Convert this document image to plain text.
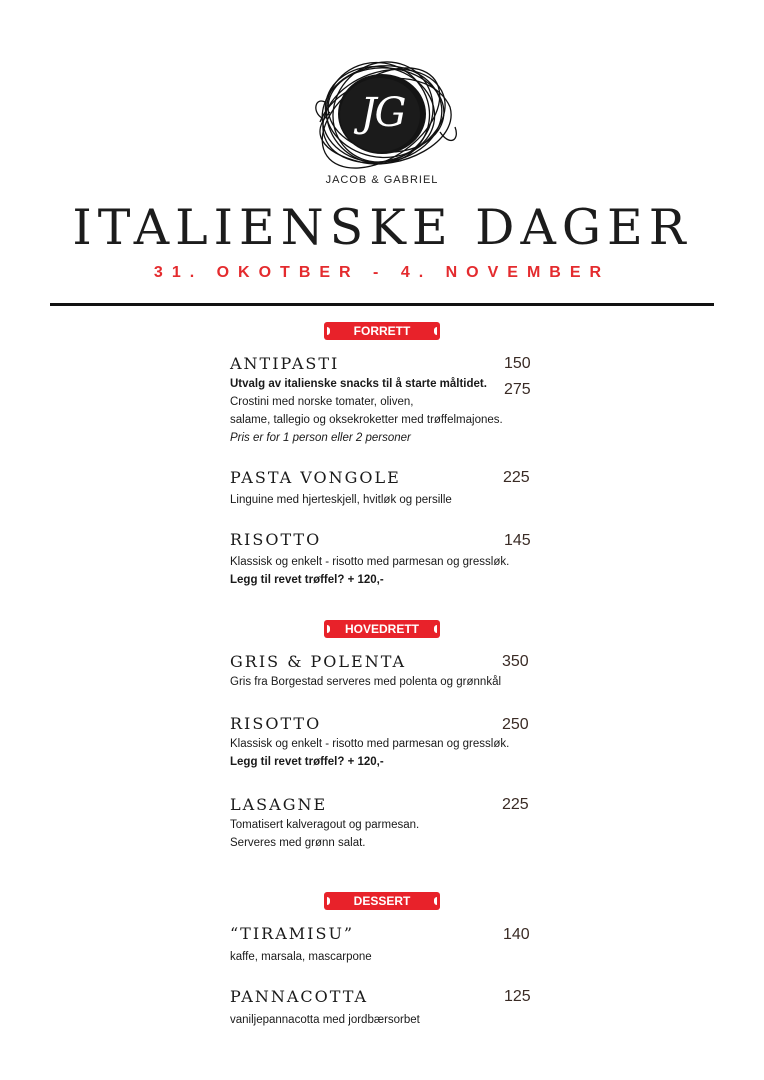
JG
JACOB & GABRIEL
ITALIENSKE DAGER
31. OKOTBER - 4. NOVEMBER
FORRETT
ANTIPASTI
Utvalg av italienske snacks til å starte måltidet.
Crostini med norske tomater, oliven,
salame, tallegio og oksekroketter med trøffelmajones.
Pris er for 1 person eller 2 personer
150
275
PASTA VONGOLE
Linguine med hjerteskjell, hvitløk og persille
225
RISOTTO
Klassisk og enkelt - risotto med parmesan og gressløk.
Legg til revet trøffel? + 120,-
145
HOVEDRETT
GRIS & POLENTA
Gris fra Borgestad serveres med polenta og grønnkål
350
RISOTTO
Klassisk og enkelt - risotto med parmesan og gressløk.
Legg til revet trøffel? + 120,-
250
LASAGNE
Tomatisert kalveragout og parmesan.
Serveres med grønn salat.
225
DESSERT
“TIRAMISU”
kaffe, marsala, mascarpone
140
PANNACOTTA
vaniljepannacotta med jordbærsorbet
125
